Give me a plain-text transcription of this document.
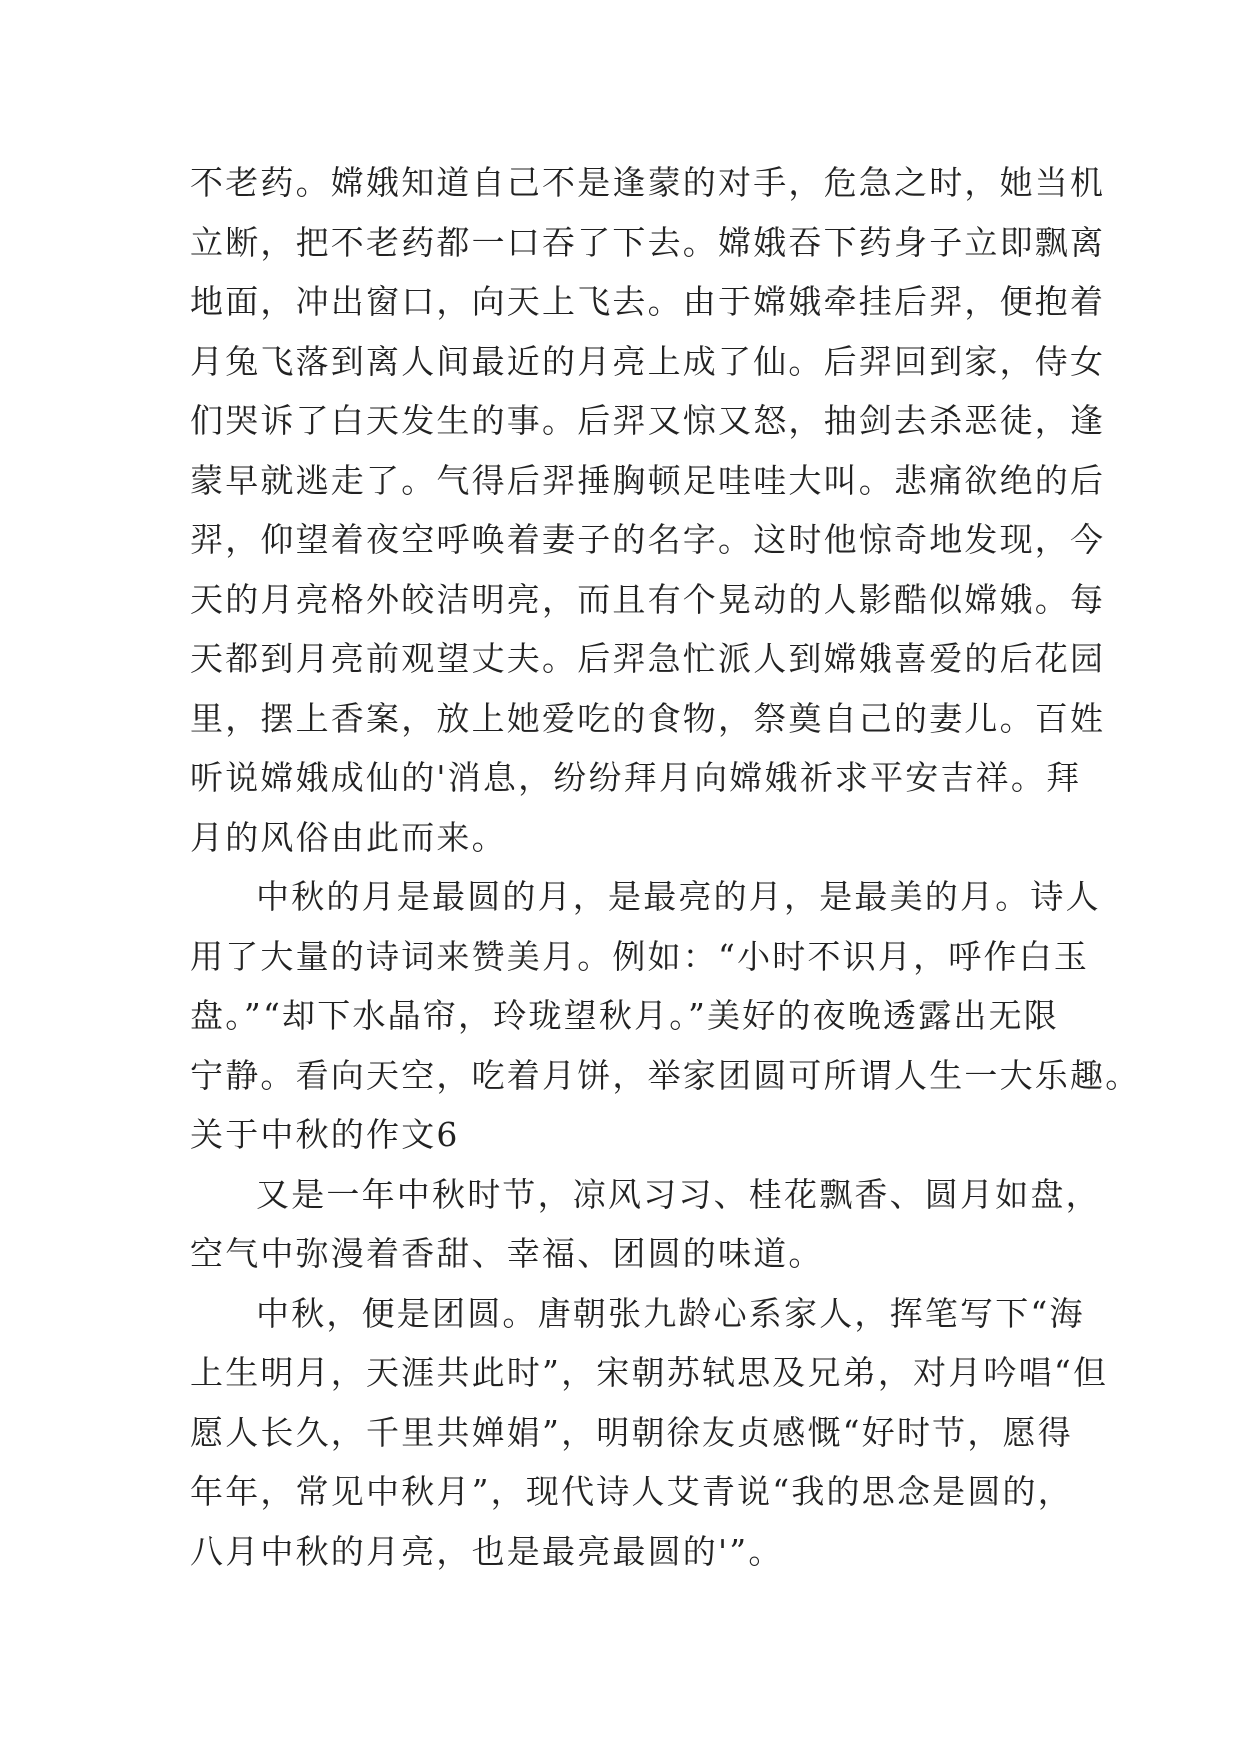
不老药。嫦娥知道自己不是逢蒙的对手，危急之时，她当机
立断，把不老药都一口吞了下去。嫦娥吞下药身子立即飘离
地面，冲出窗口，向天上飞去。由于嫦娥牵挂后羿，便抱着
月兔飞落到离人间最近的月亮上成了仙。后羿回到家，侍女
们哭诉了白天发生的事。后羿又惊又怒，抽剑去杀恶徒，逢
蒙早就逃走了。气得后羿捶胸顿足哇哇大叫。悲痛欲绝的后
羿，仰望着夜空呼唤着妻子的名字。这时他惊奇地发现，今
天的月亮格外皎洁明亮，而且有个晃动的人影酷似嫦娥。每
天都到月亮前观望丈夫。后羿急忙派人到嫦娥喜爱的后花园
里，摆上香案，放上她爱吃的食物，祭奠自己的妻儿。百姓
听说嫦娥成仙的'消息，纷纷拜月向嫦娥祈求平安吉祥。拜
月的风俗由此而来。
中秋的月是最圆的月，是最亮的月，是最美的月。诗人
用了大量的诗词来赞美月。例如：“小时不识月，呼作白玉
盘。”“却下水晶帘，玲珑望秋月。”美好的夜晚透露出无限
宁静。看向天空，吃着月饼，举家团圆可所谓人生一大乐趣。
关于中秋的作文6
又是一年中秋时节，凉风习习、桂花飘香、圆月如盘，
空气中弥漫着香甜、幸福、团圆的味道。
中秋，便是团圆。唐朝张九龄心系家人，挥笔写下“海
上生明月，天涯共此时”，宋朝苏轼思及兄弟，对月吟唱“但
愿人长久，千里共婵娟”，明朝徐友贞感慨“好时节，愿得
年年，常见中秋月”，现代诗人艾青说“我的思念是圆的，
八月中秋的月亮，也是最亮最圆的'”。
